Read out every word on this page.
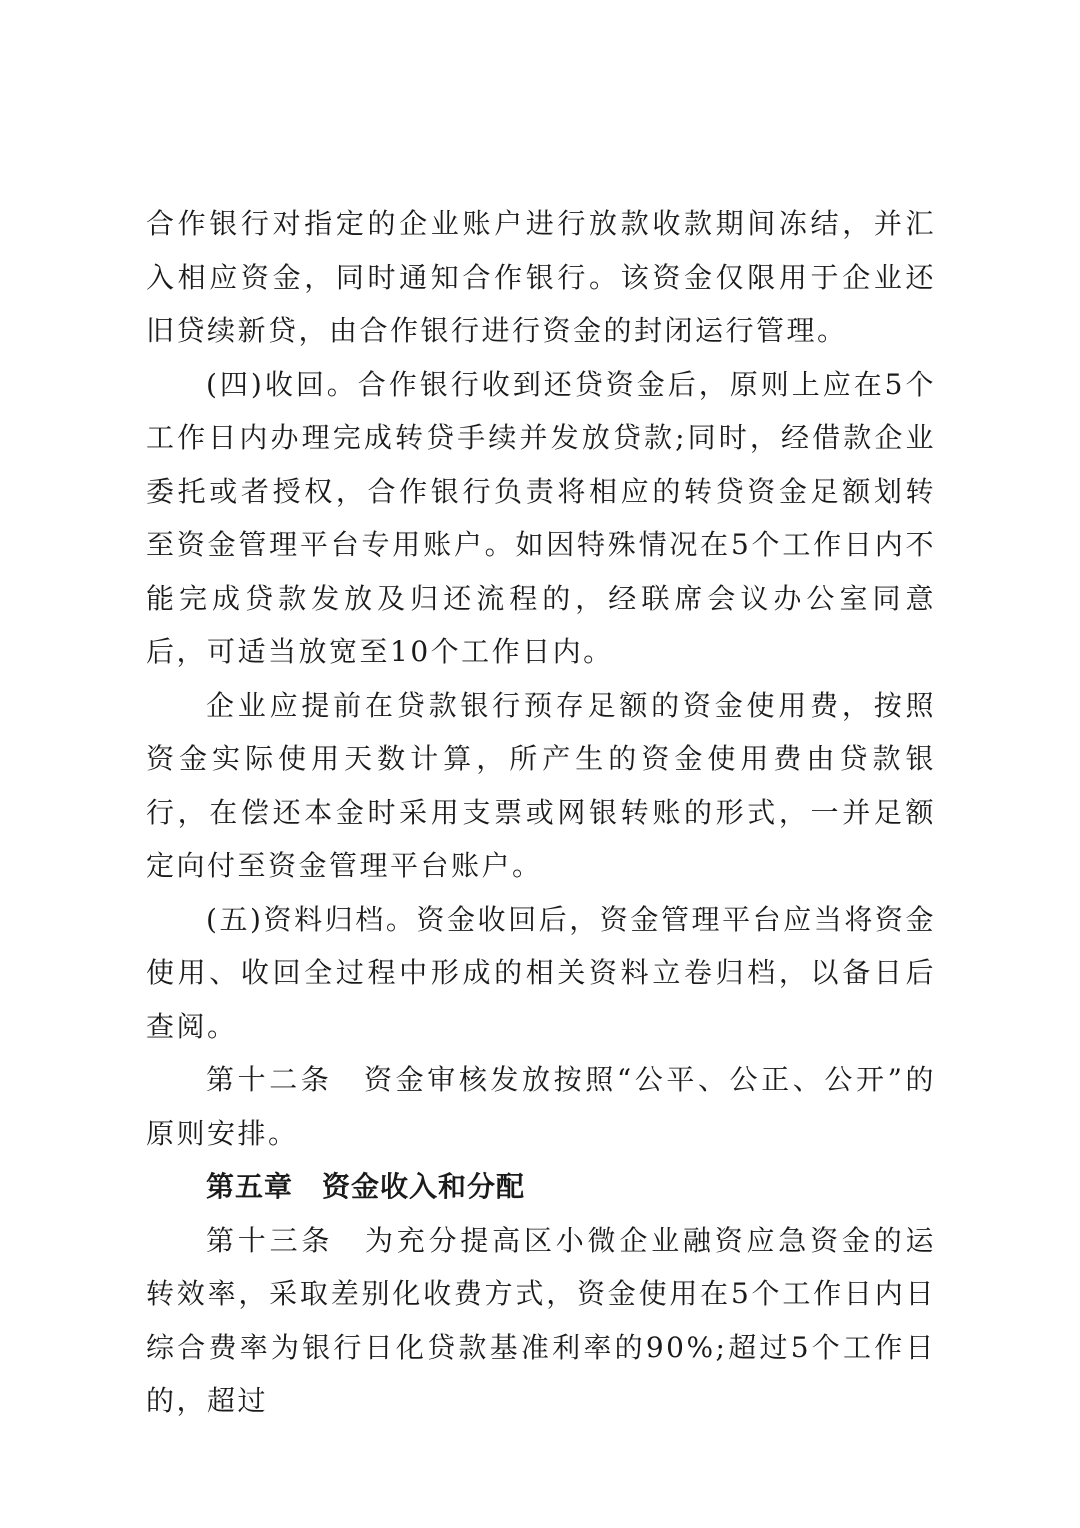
合作银行对指定的企业账户进行放款收款期间冻结，并汇入相应资金，同时通知合作银行。该资金仅限用于企业还旧贷续新贷，由合作银行进行资金的封闭运行管理。

(四)收回。合作银行收到还贷资金后，原则上应在5个工作日内办理完成转贷手续并发放贷款;同时，经借款企业委托或者授权，合作银行负责将相应的转贷资金足额划转至资金管理平台专用账户。如因特殊情况在5个工作日内不能完成贷款发放及归还流程的，经联席会议办公室同意后，可适当放宽至10个工作日内。

企业应提前在贷款银行预存足额的资金使用费，按照资金实际使用天数计算，所产生的资金使用费由贷款银行，在偿还本金时采用支票或网银转账的形式，一并足额定向付至资金管理平台账户。

(五)资料归档。资金收回后，资金管理平台应当将资金使用、收回全过程中形成的相关资料立卷归档，以备日后查阅。

第十二条　资金审核发放按照“公平、公正、公开”的原则安排。

第五章　资金收入和分配

第十三条　为充分提高区小微企业融资应急资金的运转效率，采取差别化收费方式，资金使用在5个工作日内日综合费率为银行日化贷款基准利率的90%;超过5个工作日的，超过
